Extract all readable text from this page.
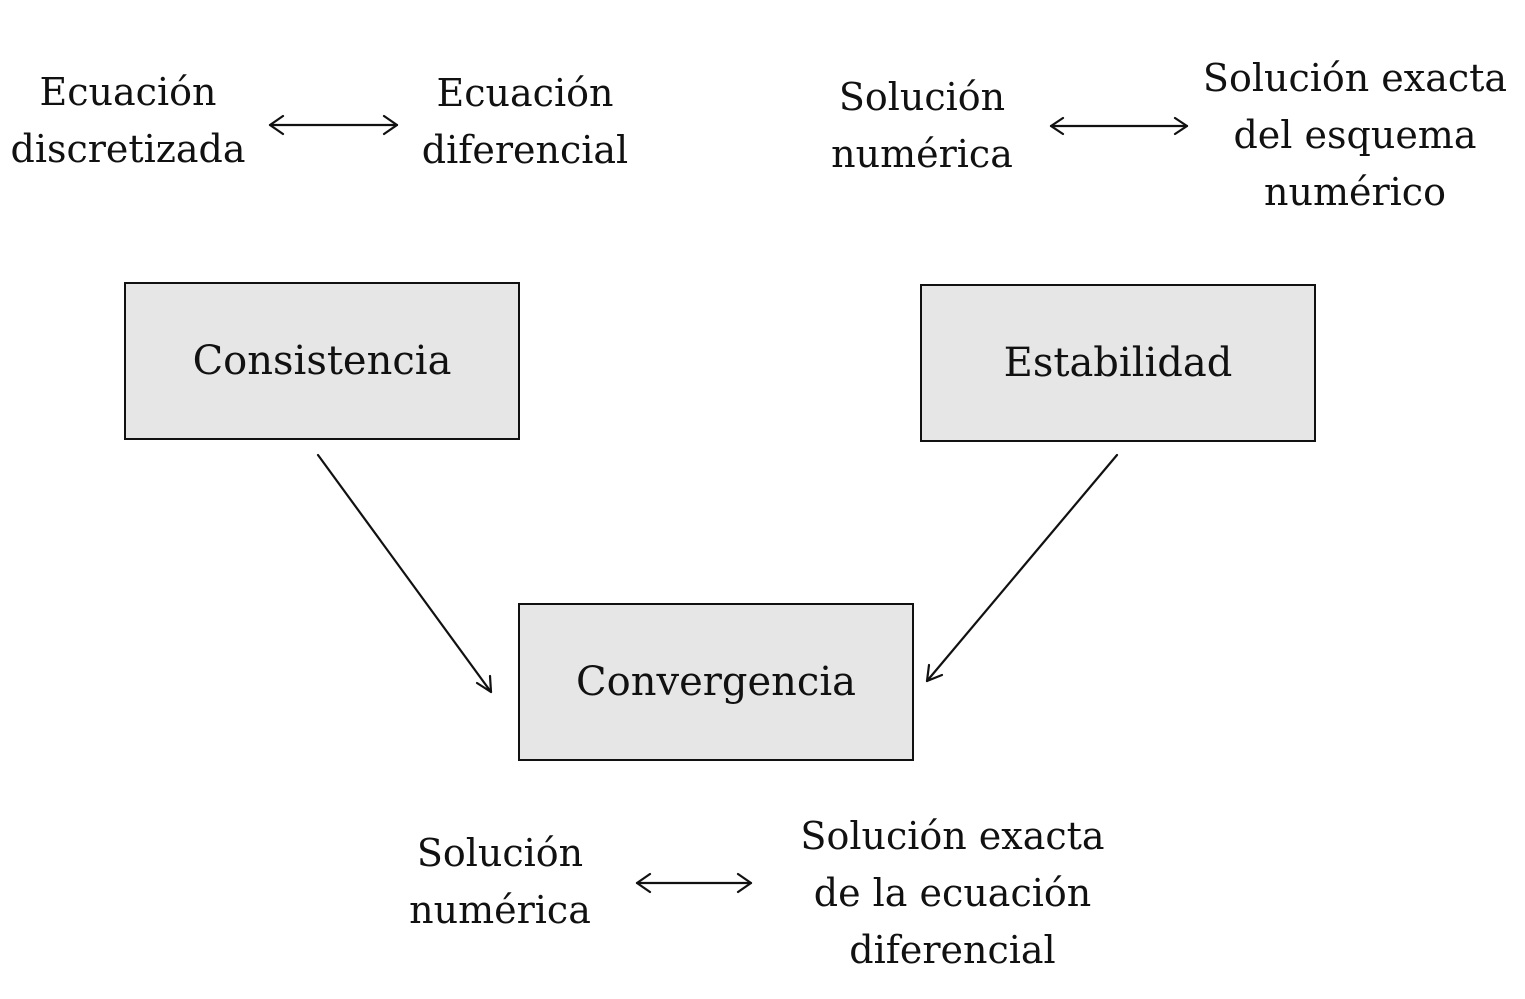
Ecuación
discretizada
Ecuación
diferencial
Solución
numérica
Solución exacta
del esquema
numérico
Consistencia	Estabilidad
Convergencia
Solución
numérica
Solución exacta
de la ecuación
diferencial
